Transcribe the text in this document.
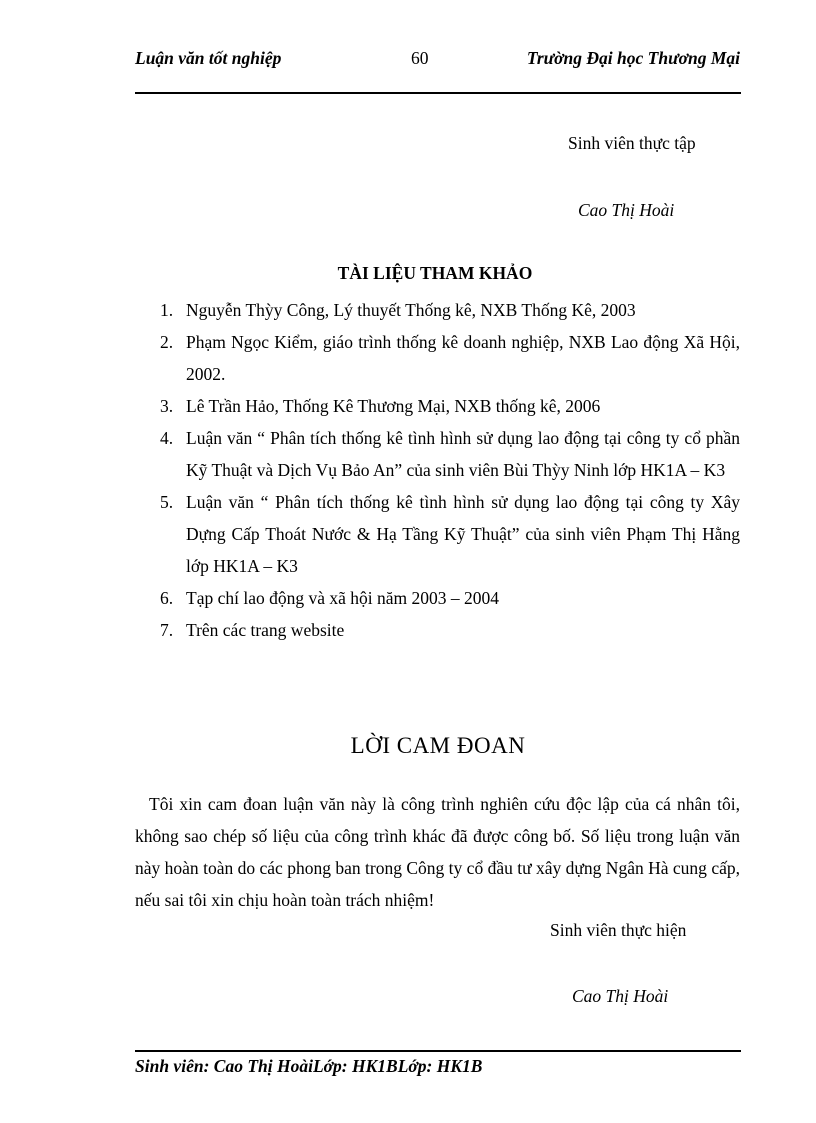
Luận văn tốt nghiệp	60	Trường Đại học Thương Mại
Sinh viên thực tập
Cao Thị Hoài
TÀI LIỆU THAM KHẢO
1. Nguyễn Thỳy Công, Lý thuyết Thống kê, NXB Thống Kê, 2003
2. Phạm Ngọc Kiểm, giáo trình thống kê doanh nghiệp, NXB Lao động Xã Hội, 2002.
3. Lê Trần Hảo, Thống Kê Thương Mại, NXB thống kê, 2006
4. Luận văn “ Phân tích thống kê tình hình sử dụng lao động tại công ty cổ phần Kỹ Thuật và Dịch Vụ Bảo An” của sinh viên Bùi Thỳy Ninh lớp HK1A – K3
5. Luận văn “ Phân tích thống kê tình hình sử dụng lao động tại công ty Xây Dựng Cấp Thoát Nước & Hạ Tầng Kỹ Thuật” của sinh viên Phạm Thị Hằng lớp HK1A – K3
6. Tạp chí lao động và xã hội năm 2003 – 2004
7. Trên các trang website
LỜI CAM ĐOAN

Tôi xin cam đoan luận văn này là công trình nghiên cứu độc lập của cá nhân tôi, không sao chép số liệu của công trình khác đã được công bố. Số liệu trong luận văn này hoàn toàn do các phong ban trong Công ty cổ đầu tư xây dựng Ngân Hà cung cấp, nếu sai tôi xin chịu hoàn toàn trách nhiệm!

Sinh viên thực hiện
Cao Thị Hoài
Sinh viên: Cao Thị HoàiLớp: HK1BLớp: HK1B
